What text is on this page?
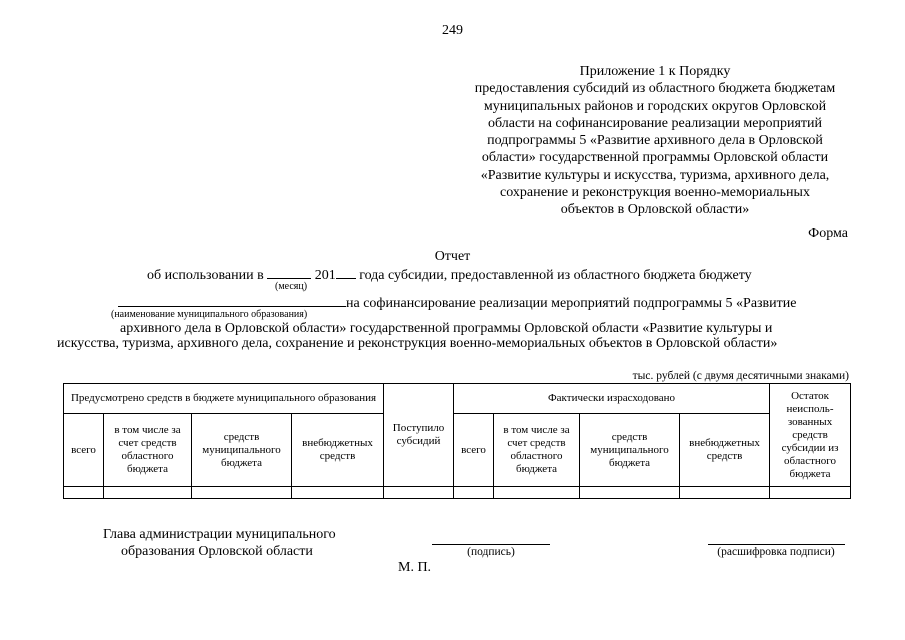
249
Приложение 1 к Порядку
предоставления субсидий из областного бюджета бюджетам
муниципальных районов и городских округов Орловской
области на софинансирование реализации мероприятий
подпрограммы 5 «Развитие архивного дела в Орловской
области» государственной программы Орловской области
«Развитие культуры и искусства, туризма, архивного дела,
сохранение и реконструкция военно-мемориальных
объектов в Орловской области»
Форма
Отчет
об использовании в	201 года субсидии, предоставленной из областного бюджета бюджету
(месяц)
на софинансирование реализации мероприятий подпрограммы 5 «Развитие
(наименование муниципального образования)
архивного дела в Орловской области» государственной программы Орловской области «Развитие культуры и
искусства, туризма, архивного дела, сохранение и реконструкция военно-мемориальных объектов в Орловской области»
тыс. рублей (с двумя десятичными знаками)
Предусмотрено средств в бюджете муниципального образования				Поступило субсидий	Фактически израсходовано				Остаток неисполь- зованных средств субсидии из областного бюджета
всего	в том числе за счет средств областного бюджета	средств муниципального бюджета	внебюджетных средств		всего	в том числе за счет средств областного бюджета	средств муниципального бюджета	внебюджетных средств	

Глава администрации муниципального
образования Орловской области	(подпись)	(расшифровка подписи)
М. П.
